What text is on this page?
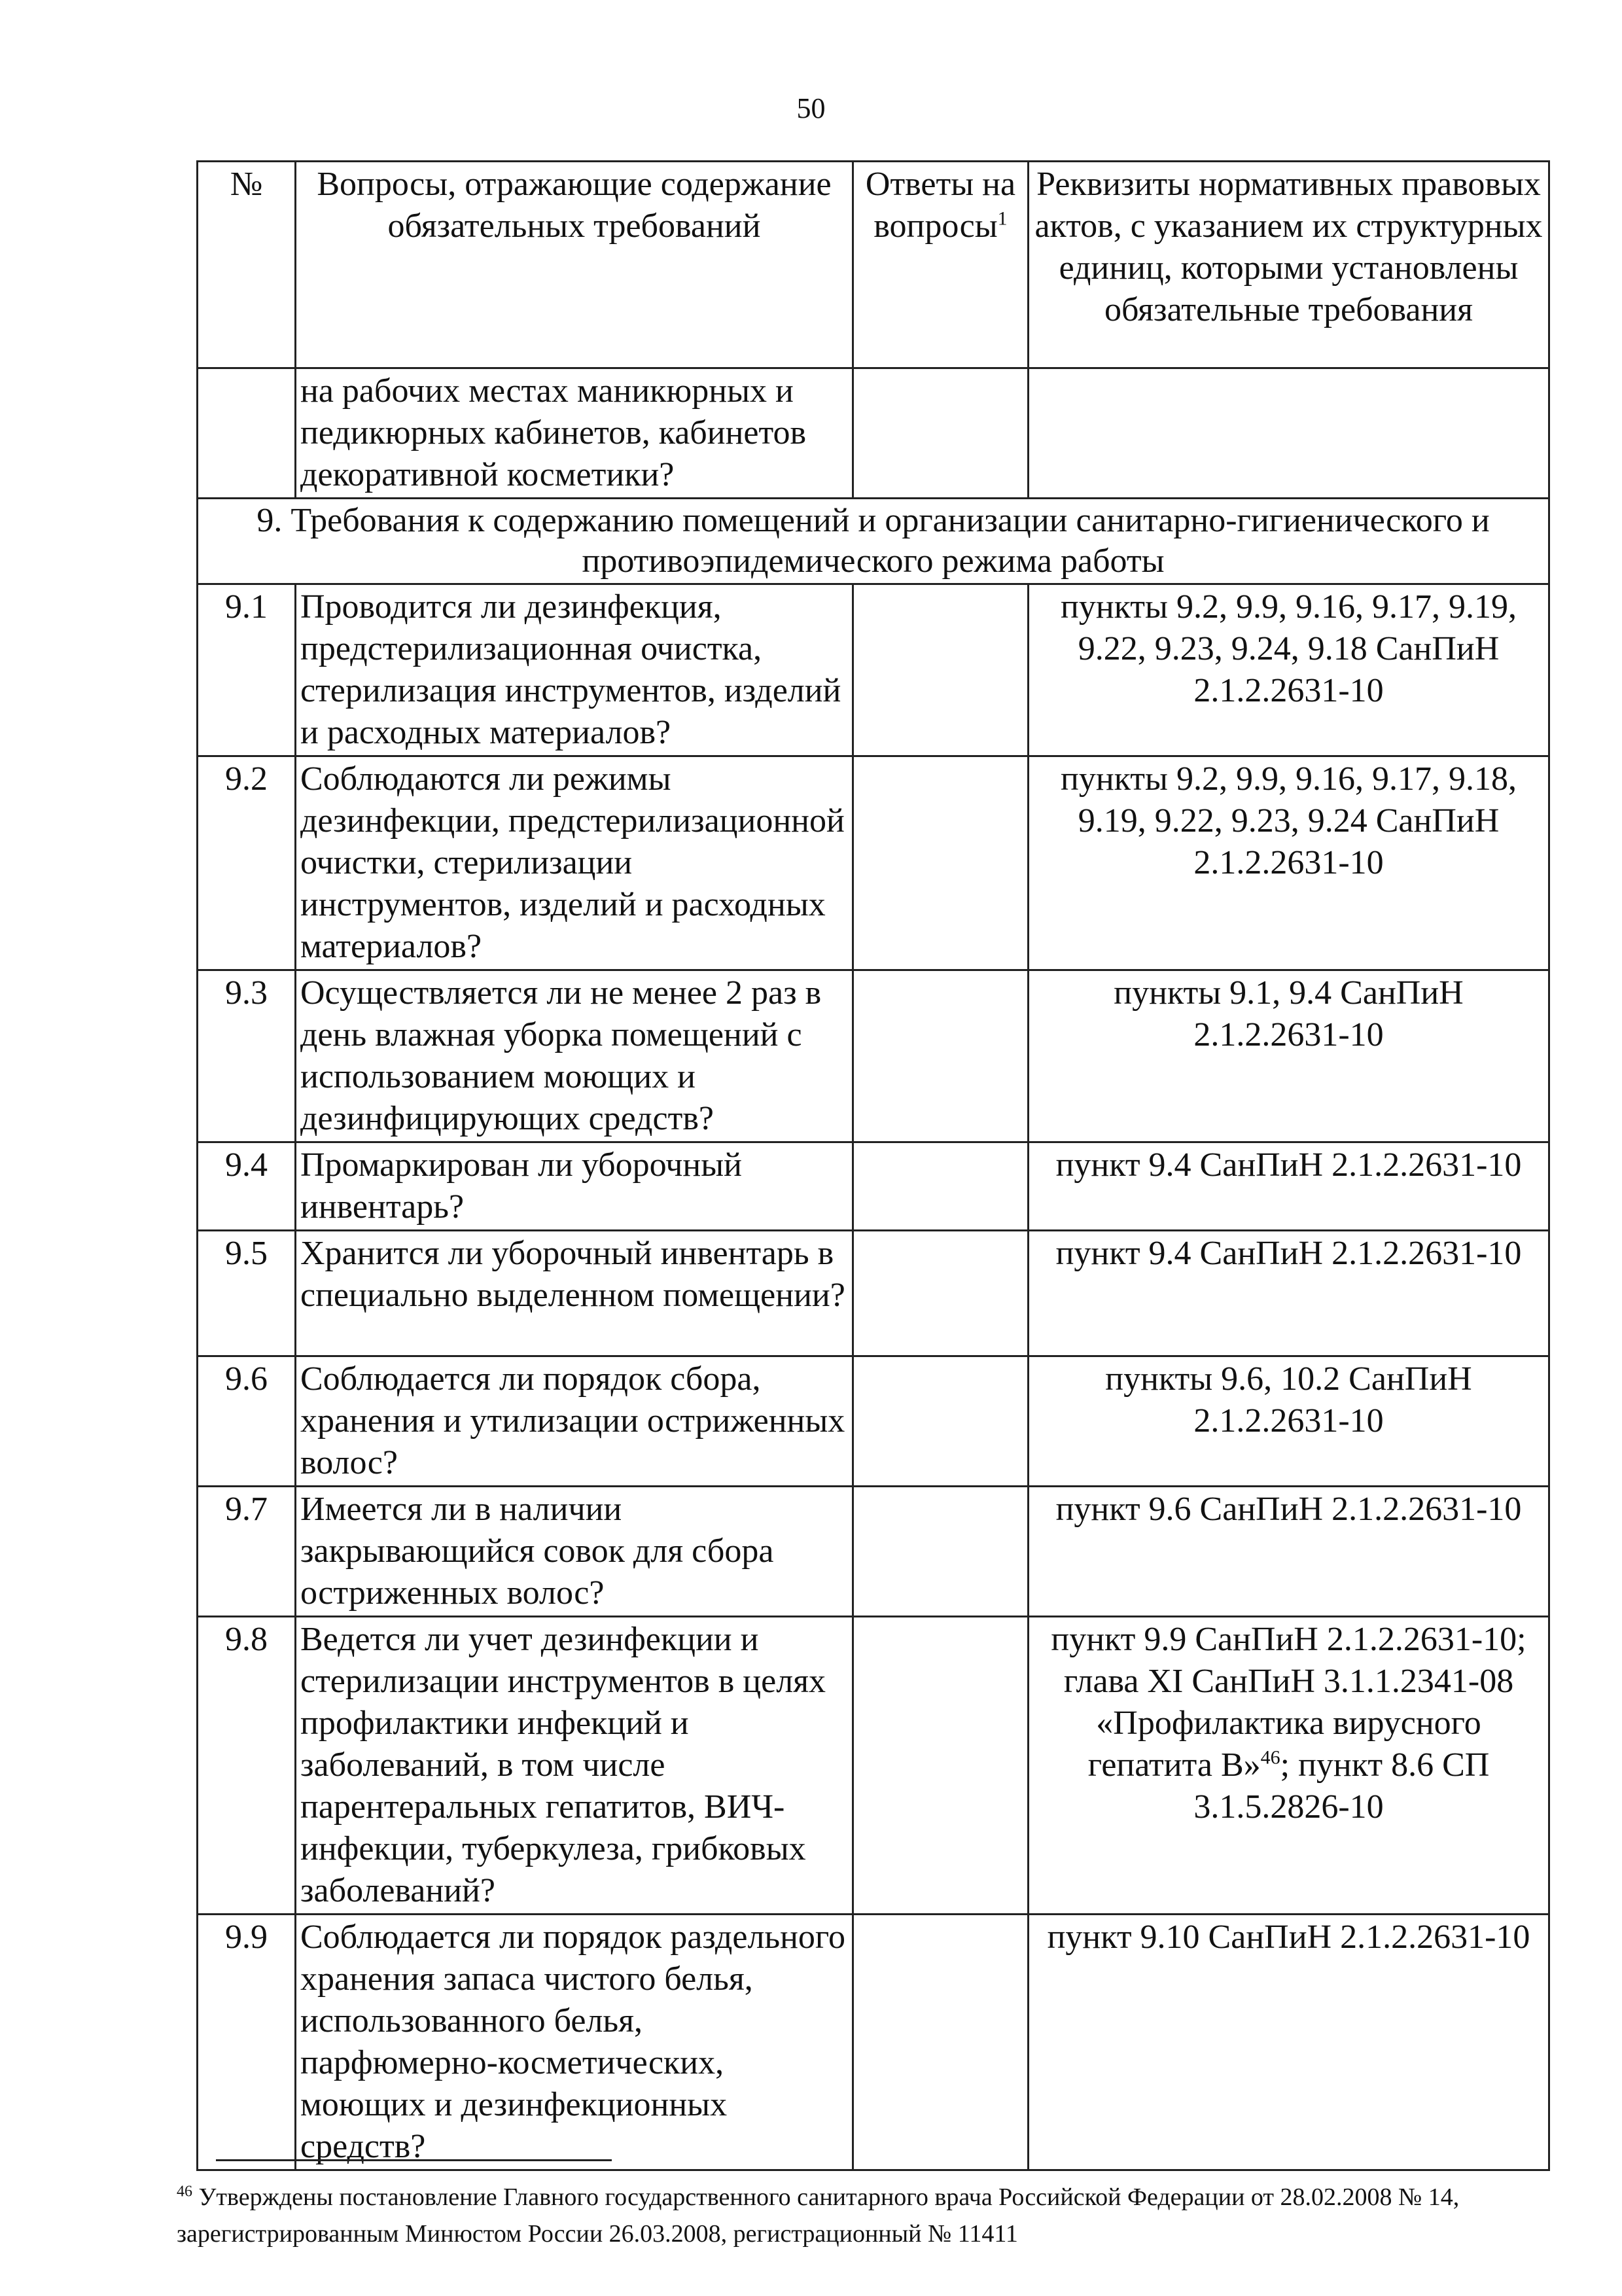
50
№	Вопросы, отражающие содержание обязательных требований	Ответы на вопросы$^1$	Реквизиты нормативных правовых актов, с указанием их структурных единиц, которыми установлены обязательные требования
	на рабочих местах маникюрных и педикюрных кабинетов, кабинетов декоративной косметики?		
9. Требования к содержанию помещений и организации санитарно-гигиенического и противоэпидемического режима работы			
9.1	Проводится ли дезинфекция, предстерилизационная очистка, стерилизация инструментов, изделий и расходных материалов?		пункты 9.2, 9.9, 9.16, 9.17, 9.19, 9.22, 9.23, 9.24, 9.18 СанПиН 2.1.2.2631-10
9.2	Соблюдаются ли режимы дезинфекции, предстерилизационной очистки, стерилизации инструментов, изделий и расходных материалов?		пункты 9.2, 9.9, 9.16, 9.17, 9.18, 9.19, 9.22, 9.23, 9.24 СанПиН 2.1.2.2631-10
9.3	Осуществляется ли не менее 2 раз в день влажная уборка помещений с использованием моющих и дезинфицирующих средств?		пункты 9.1, 9.4 СанПиН 2.1.2.2631-10
9.4	Промаркирован ли уборочный инвентарь?		пункт 9.4 СанПиН 2.1.2.2631-10
9.5	Хранится ли уборочный инвентарь в специально выделенном помещении?		пункт 9.4 СанПиН 2.1.2.2631-10
9.6	Соблюдается ли порядок сбора, хранения и утилизации остриженных волос?		пункты 9.6, 10.2 СанПиН 2.1.2.2631-10
9.7	Имеется ли в наличии закрывающийся совок для сбора остриженных волос?		пункт 9.6 СанПиН 2.1.2.2631-10
9.8	Ведется ли учет дезинфекции и стерилизации инструментов в целях профилактики инфекций и заболеваний, в том числе парентеральных гепатитов, ВИЧ-инфекции, туберкулеза, грибковых заболеваний?		пункт 9.9 СанПиН 2.1.2.2631-10; глава XI СанПиН 3.1.1.2341-08 «Профилактика вирусного гепатита В»$^{46}$; пункт 8.6 СП 3.1.5.2826-10
9.9	Соблюдается ли порядок раздельного хранения запаса чистого белья, использованного белья, парфюмерно-косметических, моющих и дезинфекционных средств?		пункт 9.10 СанПиН 2.1.2.2631-10
$^{46}$ Утверждены постановление Главного государственного санитарного врача Российской Федерации от 28.02.2008 № 14, зарегистрированным Минюстом России 26.03.2008, регистрационный № 11411
